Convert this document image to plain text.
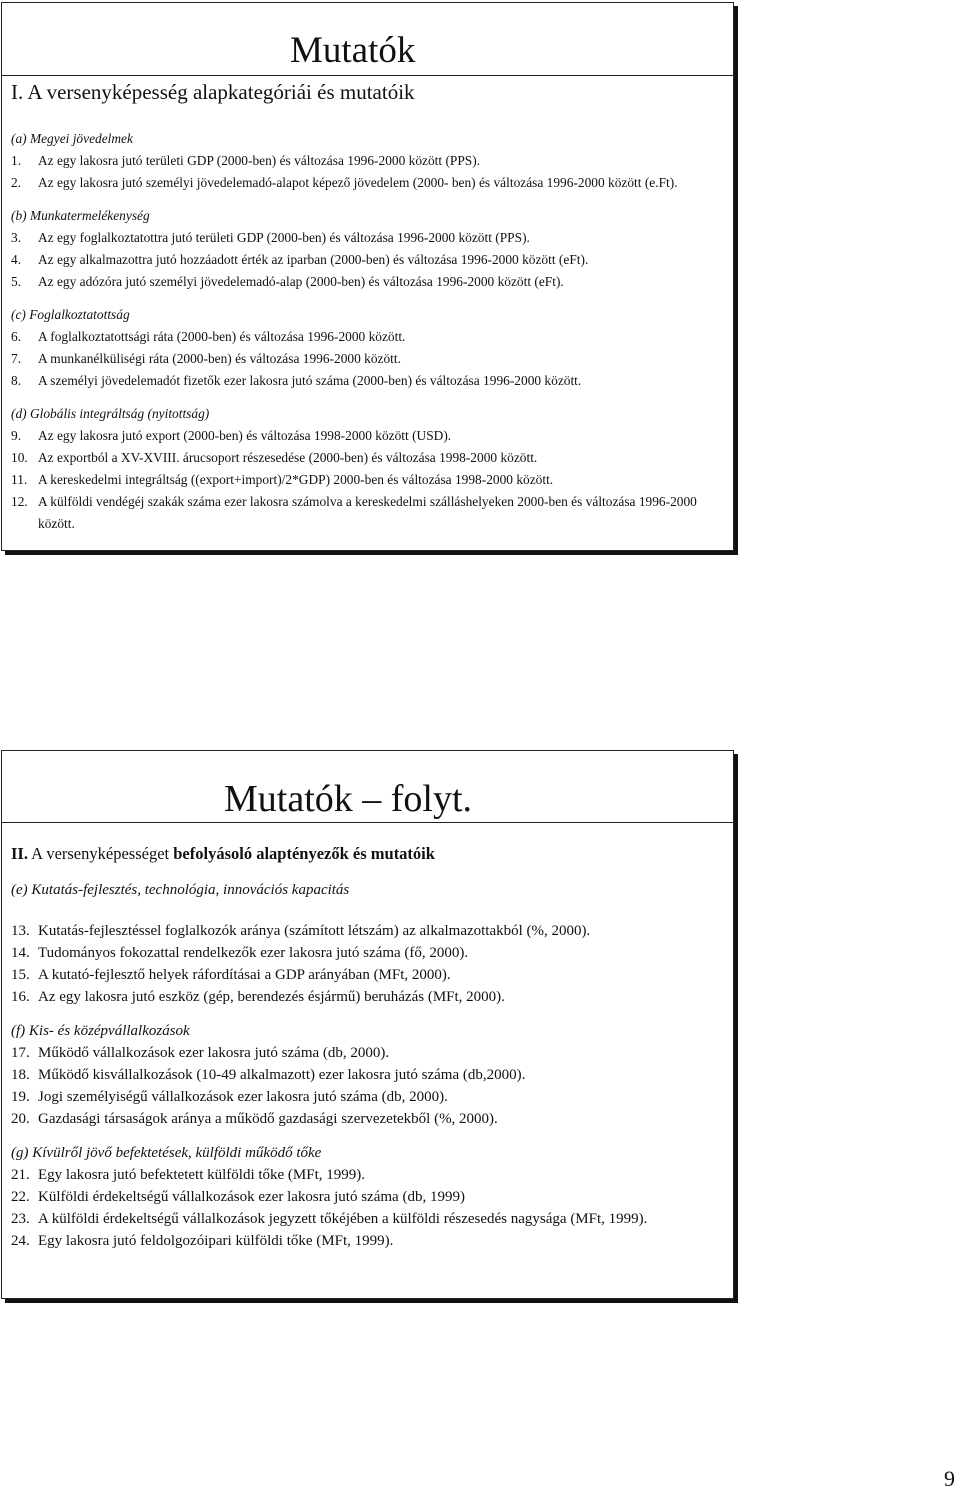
Mutatók
I. A versenyképesség alapkategóriái és mutatóik
(a) Megyei jövedelmek
1. Az egy lakosra jutó területi GDP (2000-ben) és változása 1996-2000 között (PPS).
2. Az egy lakosra jutó személyi jövedelemadó-alapot képező jövedelem (2000- ben) és változása 1996-2000 között (e.Ft).
(b) Munkatermelékenység
3. Az egy foglalkoztatottra jutó területi GDP (2000-ben) és változása 1996-2000 között (PPS).
4. Az egy alkalmazottra jutó hozzáadott érték az iparban (2000-ben) és változása 1996-2000 között (eFt).
5. Az egy adózóra jutó személyi jövedelemadó-alap (2000-ben) és változása 1996-2000 között (eFt).
(c) Foglalkoztatottság
6. A foglalkoztatottsági ráta (2000-ben) és változása 1996-2000 között.
7. A munkanélküliségi ráta (2000-ben) és változása 1996-2000 között.
8. A személyi jövedelemadót fizetők ezer lakosra jutó száma (2000-ben) és változása 1996-2000 között.
(d) Globális integráltság (nyitottság)
9. Az egy lakosra jutó export (2000-ben) és változása 1998-2000 között (USD).
10. Az exportból a XV-XVIII. árucsoport részesedése (2000-ben) és változása 1998-2000 között.
11. A kereskedelmi integráltság ((export+import)/2*GDP) 2000-ben és változása 1998-2000 között.
12. A külföldi vendégéj szakák száma ezer lakosra számolva a kereskedelmi szálláshelyeken 2000-ben és változása 1996-2000 között.
Mutatók – folyt.
II. A versenyképességet befolyásoló alaptényezők és mutatóik
(e) Kutatás-fejlesztés, technológia, innovációs kapacitás
13. Kutatás-fejlesztéssel foglalkozók aránya (számított létszám) az alkalmazottakból (%, 2000).
14. Tudományos fokozattal rendelkezők ezer lakosra jutó száma (fő, 2000).
15. A kutató-fejlesztő helyek ráfordításai a GDP arányában (MFt, 2000).
16. Az egy lakosra jutó eszköz (gép, berendezés ésjármű) beruházás (MFt, 2000).
(f) Kis- és középvállalkozások
17. Működő vállalkozások ezer lakosra jutó száma (db, 2000).
18. Működő kisvállalkozások (10-49 alkalmazott) ezer lakosra jutó száma (db,2000).
19. Jogi személyiségű vállalkozások ezer lakosra jutó száma (db, 2000).
20. Gazdasági társaságok aránya a működő gazdasági szervezetekből (%, 2000).
(g) Kívülről jövő befektetések, külföldi működő tőke
21. Egy lakosra jutó befektetett külföldi tőke (MFt, 1999).
22. Külföldi érdekeltségű vállalkozások ezer lakosra jutó száma (db, 1999)
23. A külföldi érdekeltségű vállalkozások jegyzett tőkéjében a külföldi részesedés nagysága (MFt, 1999).
24. Egy lakosra jutó feldolgozóipari külföldi tőke (MFt, 1999).
9
